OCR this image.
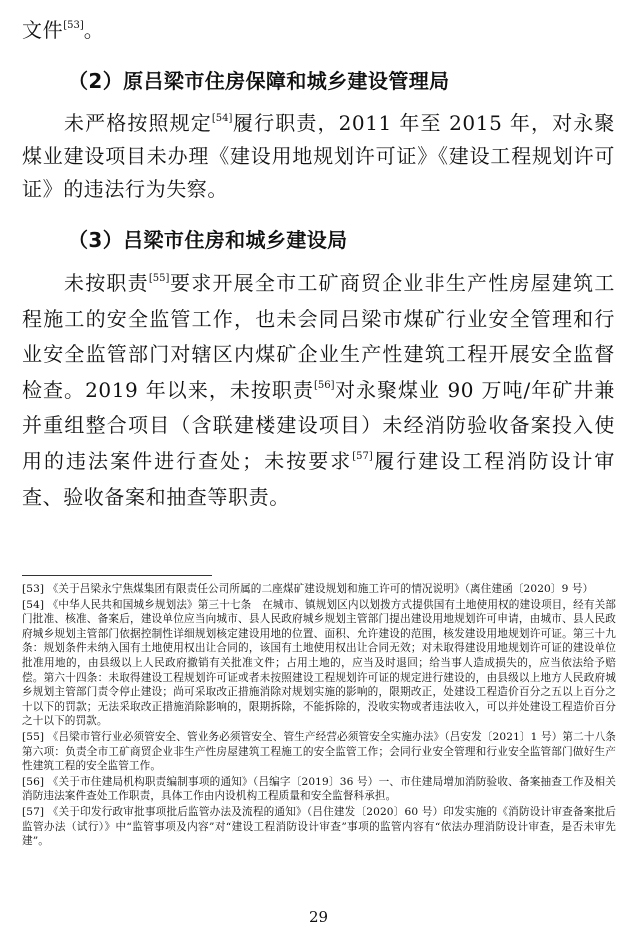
文件[53]。
（2）原吕梁市住房保障和城乡建设管理局
未严格按照规定[54]履行职责，2011 年至 2015 年，对永聚煤业建设项目未办理《建设用地规划许可证》《建设工程规划许可证》的违法行为失察。
（3）吕梁市住房和城乡建设局
未按职责[55]要求开展全市工矿商贸企业非生产性房屋建筑工程施工的安全监管工作，也未会同吕梁市煤矿行业安全管理和行业安全监管部门对辖区内煤矿企业生产性建筑工程开展安全监督检查。2019 年以来，未按职责[56]对永聚煤业 90 万吨/年矿井兼并重组整合项目（含联建楼建设项目）未经消防验收备案投入使用的违法案件进行查处；未按要求[57]履行建设工程消防设计审查、验收备案和抽查等职责。
[53] 《关于吕梁永宁焦煤集团有限责任公司所属的二座煤矿建设规划和施工许可的情况说明》（离住建函〔2020〕9 号）
[54] 《中华人民共和国城乡规划法》第三十七条　在城市、镇规划区内以划拨方式提供国有土地使用权的建设项目，经有关部门批准、核准、备案后，建设单位应当向城市、县人民政府城乡规划主管部门提出建设用地规划许可申请，由城市、县人民政府城乡规划主管部门依据控制性详细规划核定建设用地的位置、面积、允许建设的范围，核发建设用地规划许可证。第三十九条：规划条件未纳入国有土地使用权出让合同的，该国有土地使用权出让合同无效；对未取得建设用地规划许可证的建设单位批准用地的，由县级以上人民政府撤销有关批准文件；占用土地的，应当及时退回；给当事人造成损失的，应当依法给予赔偿。第六十四条：未取得建设工程规划许可证或者未按照建设工程规划许可证的规定进行建设的，由县级以上地方人民政府城乡规划主管部门责令停止建设；尚可采取改正措施消除对规划实施的影响的，限期改正，处建设工程造价百分之五以上百分之十以下的罚款；无法采取改正措施消除影响的，限期拆除，不能拆除的，没收实物或者违法收入，可以并处建设工程造价百分之十以下的罚款。
[55] 《吕梁市管行业必须管安全、管业务必须管安全、管生产经营必须管安全实施办法》（吕安发〔2021〕1 号）第二十八条第六项：负责全市工矿商贸企业非生产性房屋建筑工程施工的安全监管工作；会同行业安全管理和行业安全监管部门做好生产性建筑工程的安全监管工作。
[56] 《关于市住建局机构职责编制事项的通知》（吕编字〔2019〕36 号）一、市住建局增加消防验收、备案抽查工作及相关消防违法案件查处工作职责，具体工作由内设机构工程质量和安全监督科承担。
[57] 《关于印发行政审批事项批后监管办法及流程的通知》（吕住建发〔2020〕60 号）印发实施的《消防设计审查备案批后监管办法（试行）》中“监管事项及内容”对“建设工程消防设计审查”事项的监管内容有“依法办理消防设计审查，是否未审先建”。
29
